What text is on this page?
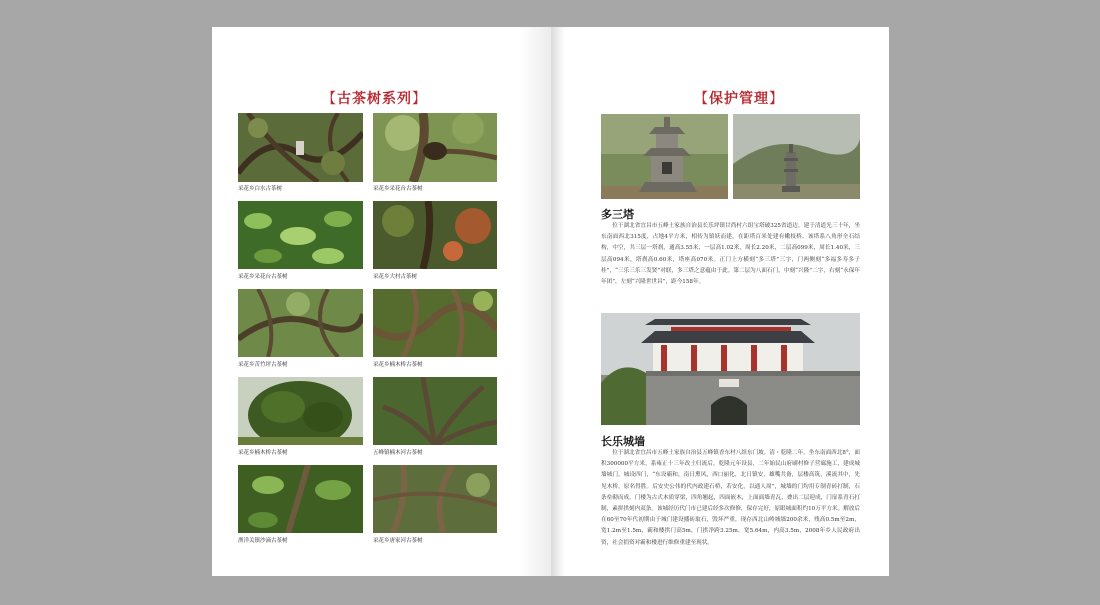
【古茶树系列】
采花乡白水古茶树	采花乡采花台古茶树
采花乡采花台古茶树	采花乡大村古茶树
采花乡苦竹坪古茶树	采花乡楠木桥古茶树
采花乡楠木桥古茶树	五峰镇楠木河古茶树
渔洋关镇沙滴古茶树	采花乡唐家河古茶树
【保护管理】
多三塔
位于湖北省宜昌市五峰土家族自治县长乐坪镇甘尚村六组宝塔破325省道边，建于清道光三十年，坐东南面西北315度，占地4平方米，相传为镇妖而建，在距塔百米处建有嫩枝桥。该塔系八角形全石结构，中空，共三层一塔刹，通高3.55米，一层高1.02米，周长2.20米，二层高099米，周长1.40米，三层高094米，塔刹高0.60米，塔座高070米。正门上方横刻“多三塔”三字，门两侧刻“多福多寿多子桂”，“三乐三乐三发贤”对联，多三塔之意蕴由于此。第二层为八面石门，中刻“兴隆”二字，右刻“永保年年团”，左刻“兴隆世世昌”，距今158年。
长乐城墙
位于湖北省宜昌市五峰土家族自治县五峰镇香东村八组东门坡。清・乾隆二年，坐东南面西北8°，面积300000平方米。系雍正十三年改土归流后，乾隆元年设县，二年始民山府刷村修子营廊施工，建成城墙城门，城设四门，“东设霸和，南日熏风，西口丽化，北日镇安，雄嘴共备，层楼高筑，溪流其中，先见木桥，原名得胜。后安史公伟的代内政建石桥，若安化，以通人周”，城墙的门均用专制青砖打制，石条垒砌而成，门楼为古式木质穿梁，四角翘起，四面嵌木，上面面墙青瓦，叠出二层迎成，门扉系青石打制，素拼拱刻内双条。该城经历代门市已建后经多次修修，保存完好，原眼城面积约10万平方米。解放后在60至70年代初期由于城门建设播砖取石，毁坏严重，现存西北山岭城墙200余米，残高0.5m至2m，宽1.2m至1.5m，霸和楼拱门高5m，门拱净跨3.25m，宽5.64m，内高3.5m，2008年乡人民政府出资，社会捐资对霸和楼进行维修重建至现状。
